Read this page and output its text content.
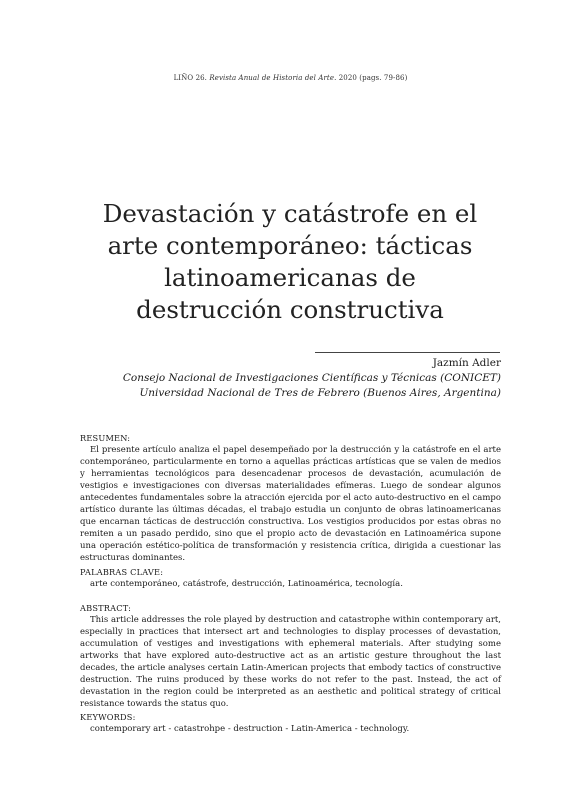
LIÑO 26. Revista Anual de Historia del Arte. 2020 (pags. 79-86)
Devastación y catástrofe en el arte contemporáneo: tácticas latinoamericanas de destrucción constructiva
Jazmín Adler
Consejo Nacional de Investigaciones Científicas y Técnicas (CONICET)
Universidad Nacional de Tres de Febrero (Buenos Aires, Argentina)

RESUMEN:

El presente artículo analiza el papel desempeñado por la destrucción y la catástrofe en el arte contemporáneo, particularmente en torno a aquellas prácticas artísticas que se valen de medios y herramientas tecnológicos para desencadenar procesos de devastación, acumulación de vestigios e investigaciones con diversas materialidades efímeras. Luego de sondear algunos antecedentes fundamentales sobre la atracción ejercida por el acto auto-destructivo en el campo artístico durante las últimas décadas, el trabajo estudia un conjunto de obras latinoamericanas que encarnan tácticas de destrucción constructiva. Los vestigios producidos por estas obras no remiten a un pasado perdido, sino que el propio acto de devastación en Latinoamérica supone una operación estético-política de transformación y resistencia crítica, dirigida a cuestionar las estructuras dominantes.

PALABRAS CLAVE:

arte contemporáneo, catástrofe, destrucción, Latinoamérica, tecnología.

ABSTRACT:

This article addresses the role played by destruction and catastrophe within contemporary art, especially in practices that intersect art and technologies to display processes of devastation, accumulation of vestiges and investigations with ephemeral materials. After studying some artworks that have explored auto-destructive act as an artistic gesture throughout the last decades, the article analyses certain Latin-American projects that embody tactics of constructive destruction. The ruins produced by these works do not refer to the past. Instead, the act of devastation in the region could be interpreted as an aesthetic and political strategy of critical resistance towards the status quo.

KEYWORDS:

contemporary art - catastrohpe - destruction - Latin-America - technology.
